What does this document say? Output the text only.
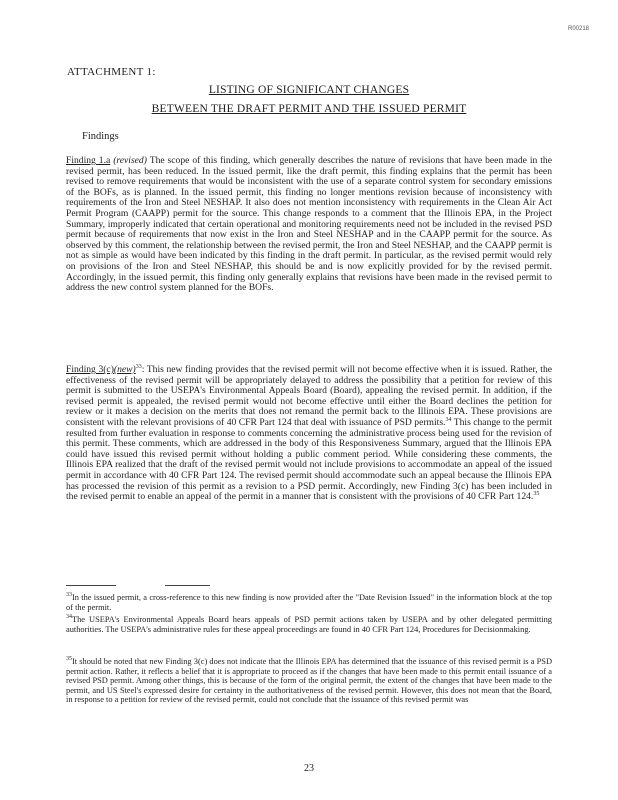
R00218
ATTACHMENT 1:
LISTING OF SIGNIFICANT CHANGES
BETWEEN THE DRAFT PERMIT AND THE ISSUED PERMIT
Findings
Finding 1.a (revised) The scope of this finding, which generally describes the nature of revisions that have been made in the revised permit, has been reduced. In the issued permit, like the draft permit, this finding explains that the permit has been revised to remove requirements that would be inconsistent with the use of a separate control system for secondary emissions of the BOFs, as is planned. In the issued permit, this finding no longer mentions revision because of inconsistency with requirements of the Iron and Steel NESHAP. It also does not mention inconsistency with requirements in the Clean Air Act Permit Program (CAAPP) permit for the source. This change responds to a comment that the Illinois EPA, in the Project Summary, improperly indicated that certain operational and monitoring requirements need not be included in the revised PSD permit because of requirements that now exist in the Iron and Steel NESHAP and in the CAAPP permit for the source. As observed by this comment, the relationship between the revised permit, the Iron and Steel NESHAP, and the CAAPP permit is not as simple as would have been indicated by this finding in the draft permit. In particular, as the revised permit would rely on provisions of the Iron and Steel NESHAP, this should be and is now explicitly provided for by the revised permit. Accordingly, in the issued permit, this finding only generally explains that revisions have been made in the revised permit to address the new control system planned for the BOFs.
Finding 3(c)(new)$^{33}$: This new finding provides that the revised permit will not become effective when it is issued. Rather, the effectiveness of the revised permit will be appropriately delayed to address the possibility that a petition for review of this permit is submitted to the USEPA's Environmental Appeals Board (Board), appealing the revised permit. In addition, if the revised permit is appealed, the revised permit would not become effective until either the Board declines the petition for review or it makes a decision on the merits that does not remand the permit back to the Illinois EPA. These provisions are consistent with the relevant provisions of 40 CFR Part 124 that deal with issuance of PSD permits.$^{34}$ This change to the permit resulted from further evaluation in response to comments concerning the administrative process being used for the revision of this permit. These comments, which are addressed in the body of this Responsiveness Summary, argued that the Illinois EPA could have issued this revised permit without holding a public comment period. While considering these comments, the Illinois EPA realized that the draft of the revised permit would not include provisions to accommodate an appeal of the issued permit in accordance with 40 CFR Part 124. The revised permit should accommodate such an appeal because the Illinois EPA has processed the revision of this permit as a revision to a PSD permit. Accordingly, new Finding 3(c) has been included in the revised permit to enable an appeal of the permit in a manner that is consistent with the provisions of 40 CFR Part 124.35
$^{33}$In the issued permit, a cross-reference to this new finding is now provided after the "Date Revision Issued" in the information block at the top of the permit.
$^{34}$The USEPA's Environmental Appeals Board hears appeals of PSD permit actions taken by USEPA and by other delegated permitting authorities. The USEPA's administrative rules for these appeal proceedings are found in 40 CFR Part 124, Procedures for Decisionmaking.
$^{35}$It should be noted that new Finding 3(c) does not indicate that the Illinois EPA has determined that the issuance of this revised permit is a PSD permit action. Rather, it reflects a belief that it is appropriate to proceed as if the changes that have been made to this permit entail issuance of a revised PSD permit. Among other things, this is because of the form of the original permit, the extent of the changes that have been made to the permit, and US Steel's expressed desire for certainty in the authoritativeness of the revised permit. However, this does not mean that the Board, in response to a petition for review of the revised permit, could not conclude that the issuance of this revised permit was
23
